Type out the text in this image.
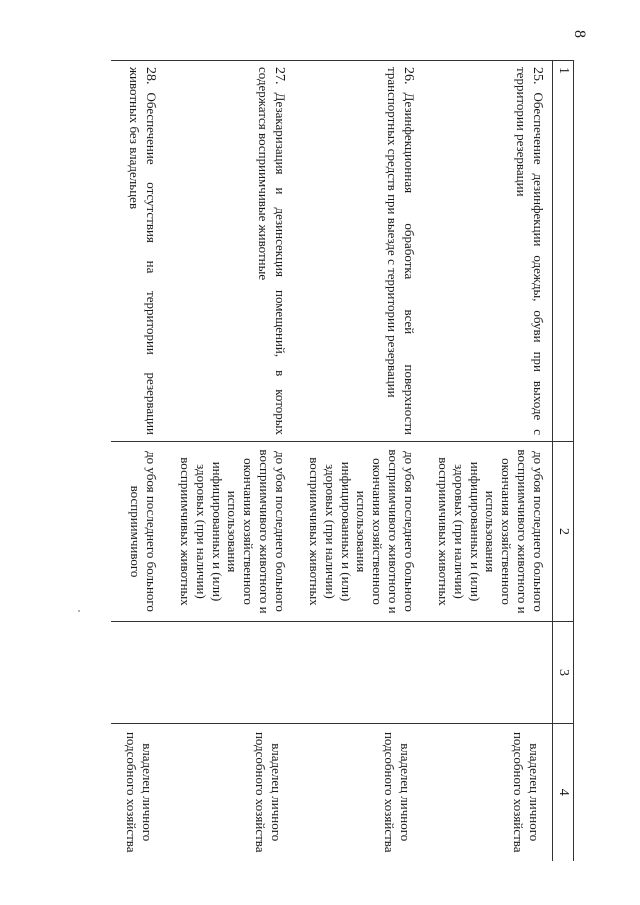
8
1	2	3	4
25.Обеспечение дезинфекции одежды, обуви при выходе с территории резервации	до убоя последнего больного восприимчивого животного и окончания хозяйственного использования инфицированных и (или) здоровых (при наличии) восприимчивых животных		владелец личного подсобного хозяйства
26.Дезинфекционная обработка всей поверхности транспортных средств при выезде с территории резервации	до убоя последнего больного восприимчивого животного и окончания хозяйственного использования инфицированных и (или) здоровых (при наличии) восприимчивых животных		владелец личного подсобного хозяйства
27.Дезакаризация и дезинсекция помещений, в которых содержатся восприимчивые животные	до убоя последнего больного восприимчивого животного и окончания хозяйственного использования инфицированных и (или) здоровых (при наличии) восприимчивых животных		владелец личного подсобного хозяйства
28.Обеспечение отсутствия на территории резервации животных без владельцев	до убоя последнего больного восприимчивого		владелец личного подсобного хозяйства
